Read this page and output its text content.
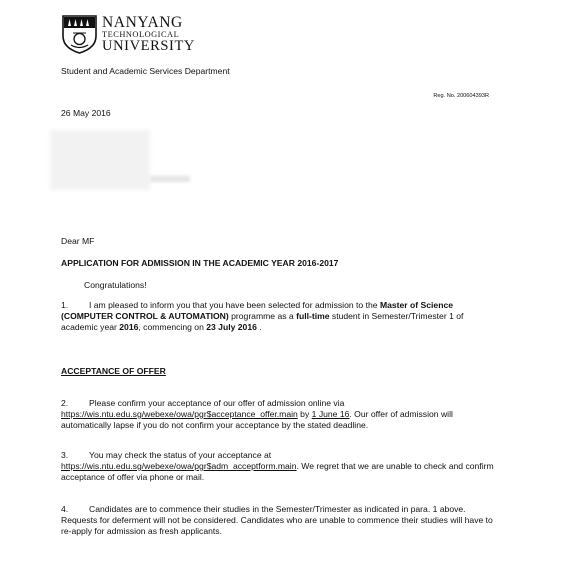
NANYANG
TECHNOLOGICAL
UNIVERSITY
Student and Academic Services Department
Reg. No. 200604393R
26 May 2016
Dear MF
APPLICATION FOR ADMISSION IN THE ACADEMIC YEAR 2016-2017
Congratulations!
1. I am pleased to inform you that you have been selected for admission to the Master of Science (COMPUTER CONTROL & AUTOMATION) programme as a full-time student in Semester/Trimester 1 of academic year 2016, commencing on 23 July 2016 .
ACCEPTANCE OF OFFER
2. Please confirm your acceptance of our offer of admission online via https://wis.ntu.edu.sg/webexe/owa/pgr$acceptance_offer.main by 1 June 16. Our offer of admission will automatically lapse if you do not confirm your acceptance by the stated deadline.
3. You may check the status of your acceptance at https://wis.ntu.edu.sg/webexe/owa/pgr$adm_acceptform.main. We regret that we are unable to check and confirm acceptance of offer via phone or mail.
4. Candidates are to commence their studies in the Semester/Trimester as indicated in para. 1 above. Requests for deferment will not be considered. Candidates who are unable to commence their studies will have to re-apply for admission as fresh applicants.
